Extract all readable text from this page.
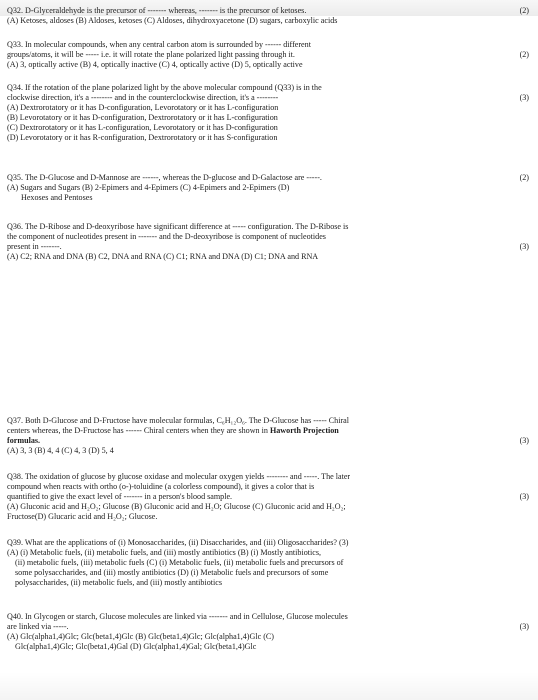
Q32. D-Glyceraldehyde is the precursor of ------- whereas, ------- is the precursor of ketoses.	(2)
(A) Ketoses, aldoses (B) Aldoses, ketoses (C) Aldoses, dihydroxyacetone (D) sugars, carboxylic acids
Q33. In molecular compounds, when any central carbon atom is surrounded by ------ different
groups/atoms, it will be ----- i.e. it will rotate the plane polarized light passing through it.	(2)
(A) 3, optically active (B) 4, optically inactive (C) 4, optically active (D) 5, optically active
Q34. If the rotation of the plane polarized light by the above molecular compound (Q33) is in the
clockwise direction, it's a -------- and in the counterclockwise direction, it's a --------	(3)
(A) Dextrorotatory or it has D-configuration, Levorotatory or it has L-configuration
(B) Levorotatory or it has D-configuration, Dextrorotatory or it has L-configuration
(C) Dextrorotatory or it has L-configuration, Levorotatory or it has D-configuration
(D) Levorotatory or it has R-configuration, Dextrorotatory or it has S-configuration
Q35. The D-Glucose and D-Mannose are ------, whereas the D-glucose and D-Galactose are -----.	(2)
(A) Sugars and Sugars (B) 2-Epimers and 4-Epimers (C) 4-Epimers and 2-Epimers (D)
Hexoses and Pentoses
Q36. The D-Ribose and D-deoxyribose have significant difference at ----- configuration. The D-Ribose is
the component of nucleotides present in ------- and the D-deoxyribose is component of nucleotides
present in -------.	(3)
(A) C2; RNA and DNA (B) C2, DNA and RNA (C) C1; RNA and DNA (D) C1; DNA and RNA
Q37. Both D-Glucose and D-Fructose have molecular formulas, C₆H₁₂O₆. The D-Glucose has ----- Chiral
centers whereas, the D-Fructose has ------ Chiral centers when they are shown in Haworth Projection
formulas.	(3)
(A) 3, 3 (B) 4, 4 (C) 4, 3 (D) 5, 4
Q38. The oxidation of glucose by glucose oxidase and molecular oxygen yields -------- and -----. The later
compound when reacts with ortho (o-)-toluidine (a colorless compound), it gives a color that is
quantified to give the exact level of ------- in a person's blood sample.	(3)
(A) Gluconic acid and H₂O₂; Glucose (B) Gluconic acid and H₂O; Glucose (C) Gluconic acid and H₂O₂;
Fructose(D) Glucaric acid and H₂O₂; Glucose.
Q39. What are the applications of (i) Monosaccharides, (ii) Disaccharides, and (iii) Oligosaccharides? (3)
(A) (i) Metabolic fuels, (ii) metabolic fuels, and (iii) mostly antibiotics (B) (i) Mostly antibiotics,
(ii) metabolic fuels, (iii) metabolic fuels (C) (i) Metabolic fuels, (ii) metabolic fuels and precursors of
some polysaccharides, and (iii) mostly antibiotics (D) (i) Metabolic fuels and precursors of some
polysaccharides, (ii) metabolic fuels, and (iii) mostly antibiotics
Q40. In Glycogen or starch, Glucose molecules are linked via ------- and in Cellulose, Glucose molecules
are linked via -----.	(3)
(A) Glc(alpha1,4)Glc; Glc(beta1,4)Glc (B) Glc(beta1,4)Glc; Glc(alpha1,4)Glc (C)
Glc(alpha1,4)Glc; Glc(beta1,4)Gal (D) Glc(alpha1,4)Gal; Glc(beta1,4)Glc
